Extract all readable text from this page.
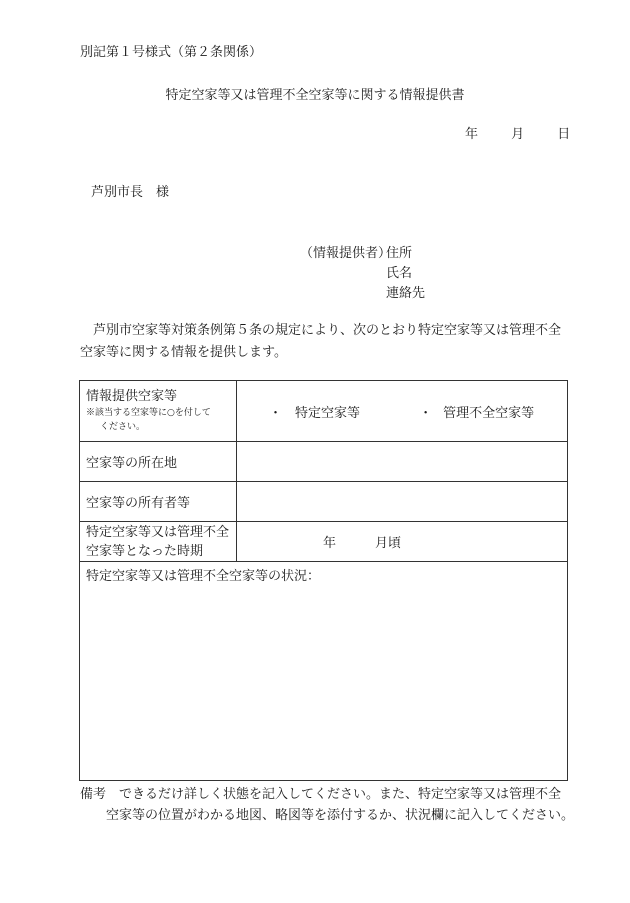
別記第１号様式（第２条関係）
特定空家等又は管理不全空家等に関する情報提供書
年	月	日
芦別市長　様
（情報提供者）住所
氏名
連絡先
芦別市空家等対策条例第５条の規定により、次のとおり特定空家等又は管理不全空家等に関する情報を提供します。
情報提供空家等
※該当する空家等に○を付して
ください。	・ 特定空家等 ・ 管理不全空家等
空家等の所在地	
空家等の所有者等	

特定空家等又は管理不全
空家等となった時期	年 月頃
特定空家等又は管理不全空家等の状況：	
備考　できるだけ詳しく状態を記入してください。また、特定空家等又は管理不全
空家等の位置がわかる地図、略図等を添付するか、状況欄に記入してください。
